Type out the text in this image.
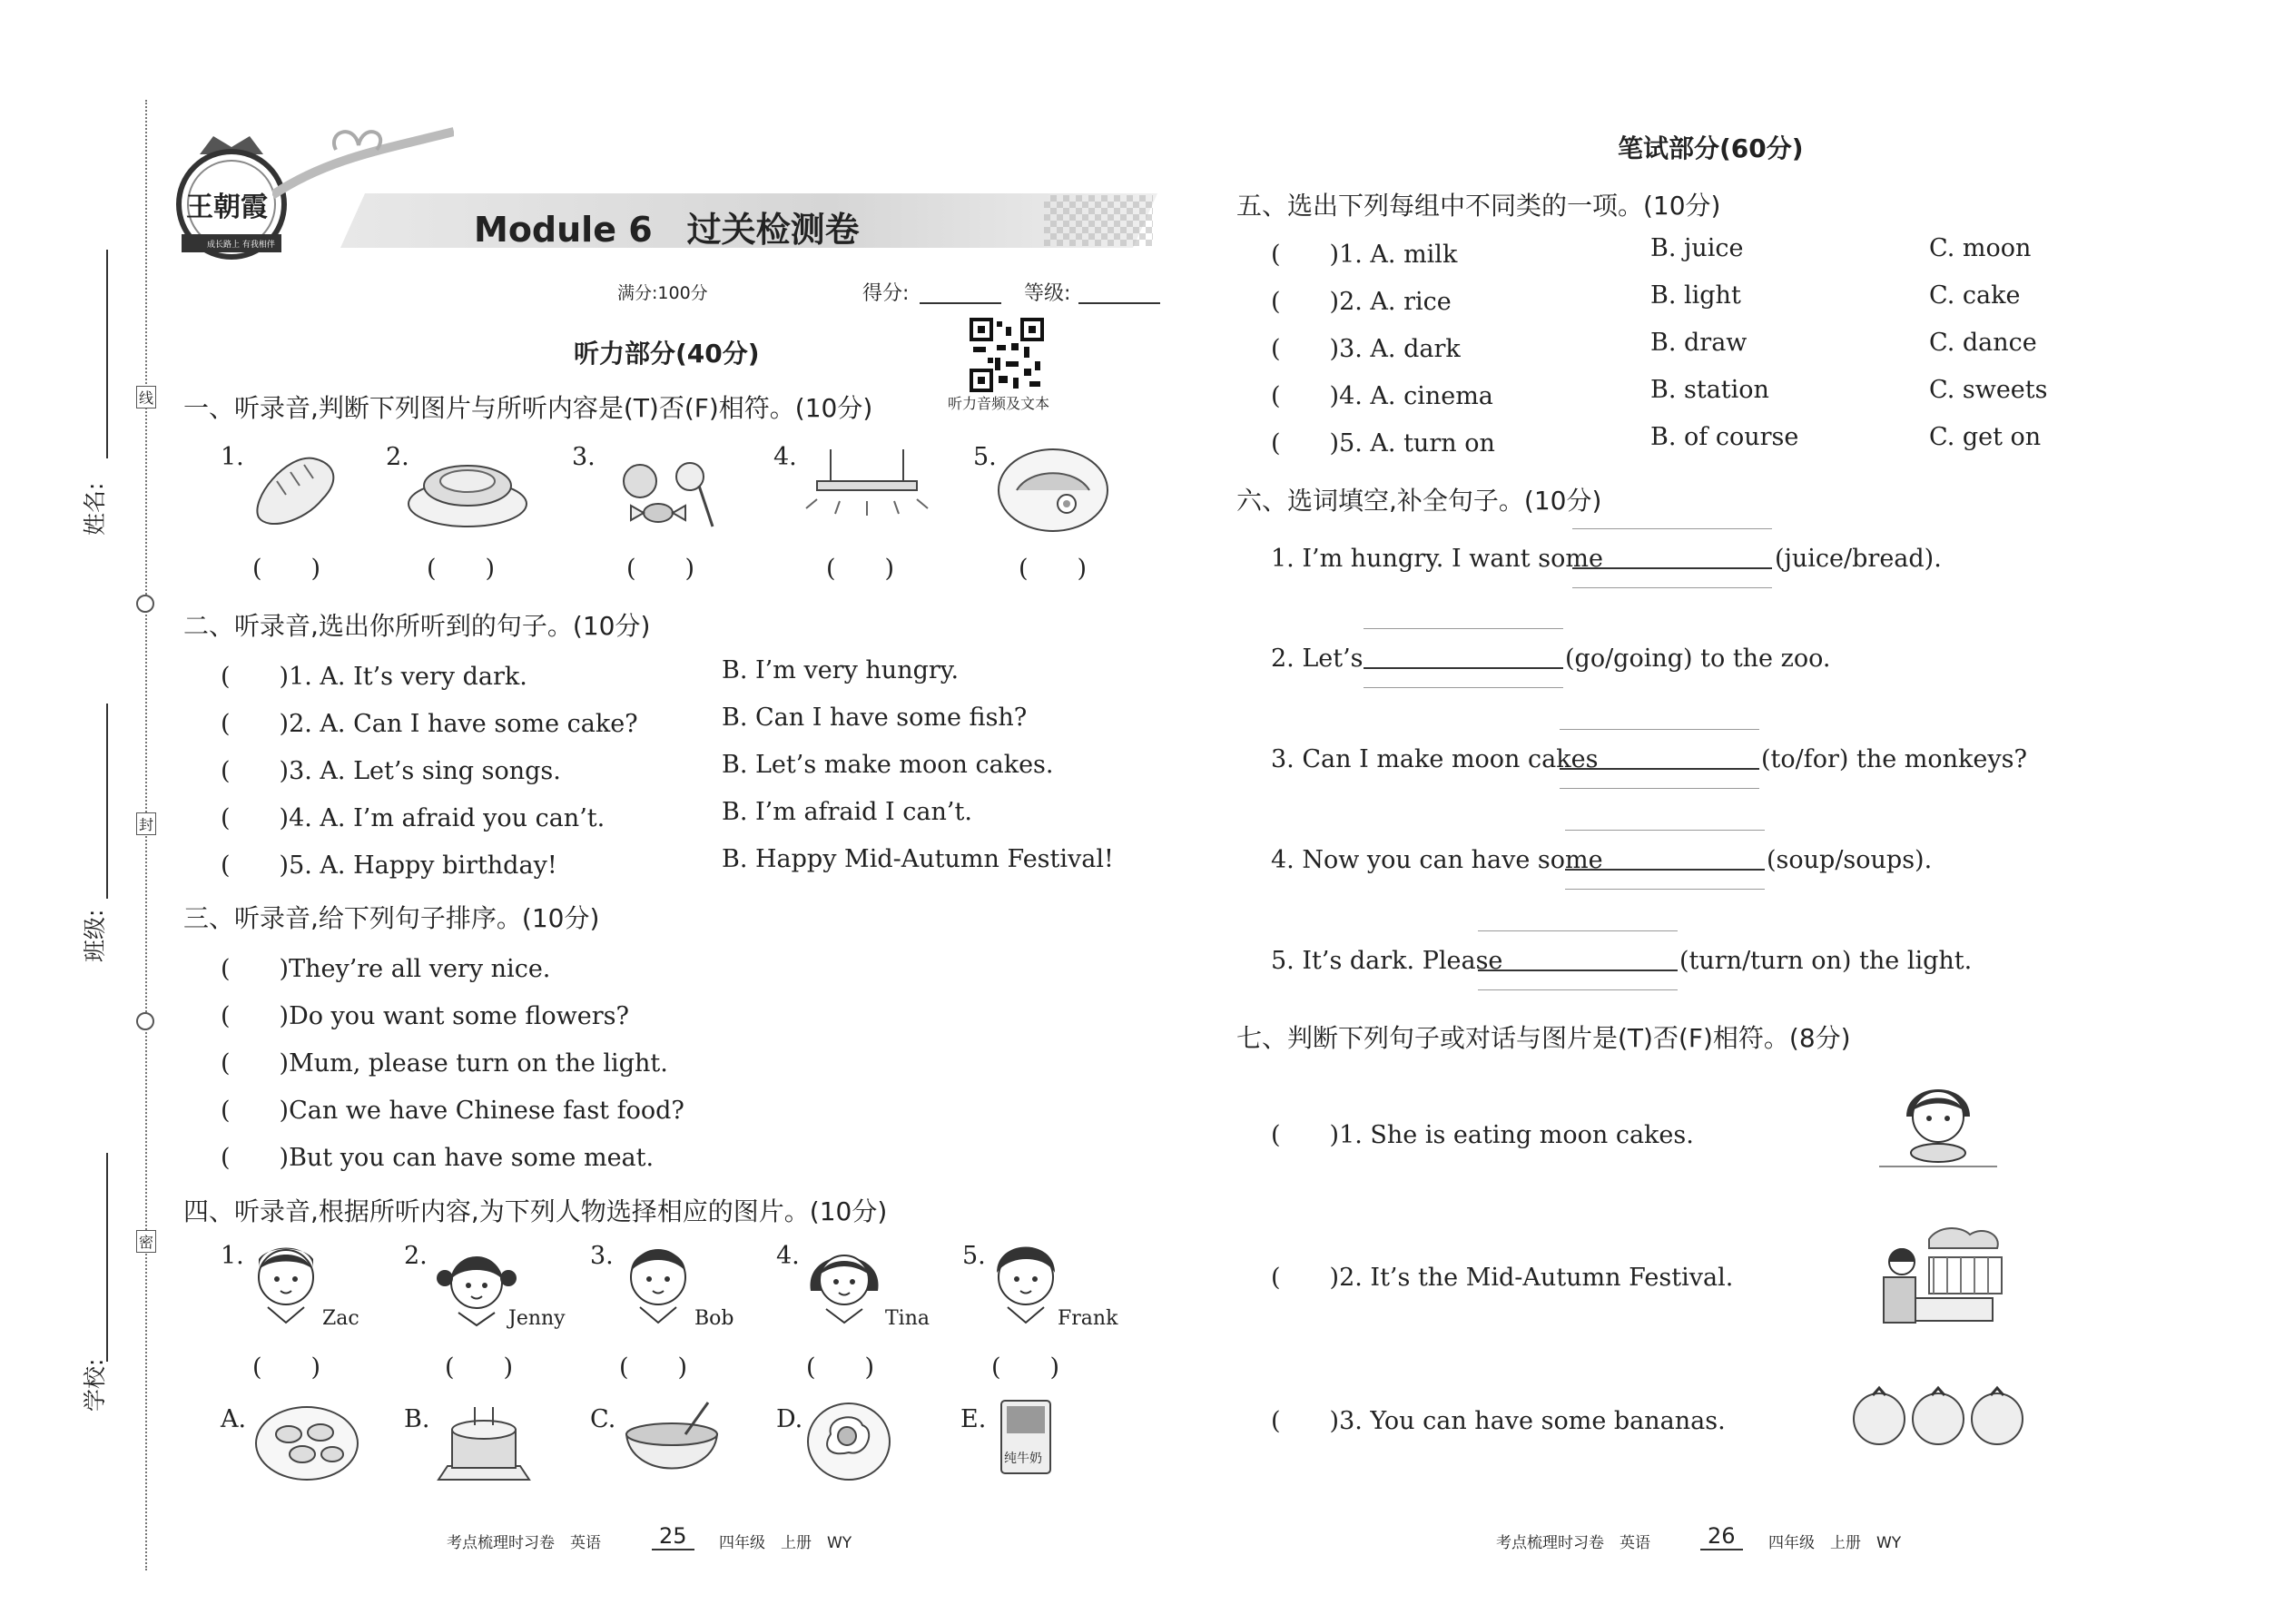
姓名:
班级:
学校:
线
封
密
王朝霞
成长路上 有我相伴	Module 6　过关检测卷
满分:100分	得分:	等级:
听力部分(40分)
听力音频及文本
一、听录音,判断下列图片与所听内容是(T)否(F)相符。(10分)
1.	2.	3.	4.	5.
(　　)	(　　)	(　　)	(　　)	(　　)
二、听录音,选出你所听到的句子。(10分)
(　　)1. A. It’s very dark.	B. I’m very hungry.
(　　)2. A. Can I have some cake?	B. Can I have some fish?
(　　)3. A. Let’s sing songs.	B. Let’s make moon cakes.
(　　)4. A. I’m afraid you can’t.	B. I’m afraid I can’t.
(　　)5. A. Happy birthday!	B. Happy Mid-Autumn Festival!
三、听录音,给下列句子排序。(10分)
(　　)They’re all very nice.
(　　)Do you want some flowers?
(　　)Mum, please turn on the light.
(　　)Can we have Chinese fast food?
(　　)But you can have some meat.
四、听录音,根据所听内容,为下列人物选择相应的图片。(10分)
1.	2.	3.	4.	5.
Zac	Jenny	Bob	Tina	Frank
(　　)	(　　)	(　　)	(　　)	(　　)
A.	B.	C.	D.	E.
纯牛奶
考点梳理时习卷　英语	25	四年级　上册　WY
笔试部分(60分)
五、选出下列每组中不同类的一项。(10分)
(　　)1. A. milk	B. juice	C. moon
(　　)2. A. rice	B. light	C. cake
(　　)3. A. dark	B. draw	C. dance
(　　)4. A. cinema	B. station	C. sweets
(　　)5. A. turn on	B. of course	C. get on
六、选词填空,补全句子。(10分)
1. I’m hungry. I want some	(juice/bread).
2. Let’s	(go/going) to the zoo.
3. Can I make moon cakes	(to/for) the monkeys?
4. Now you can have some	(soup/soups).
5. It’s dark. Please	(turn/turn on) the light.
七、判断下列句子或对话与图片是(T)否(F)相符。(8分)
(　　)1. She is eating moon cakes.
(　　)2. It’s the Mid-Autumn Festival.
(　　)3. You can have some bananas.
考点梳理时习卷　英语	26	四年级　上册　WY
